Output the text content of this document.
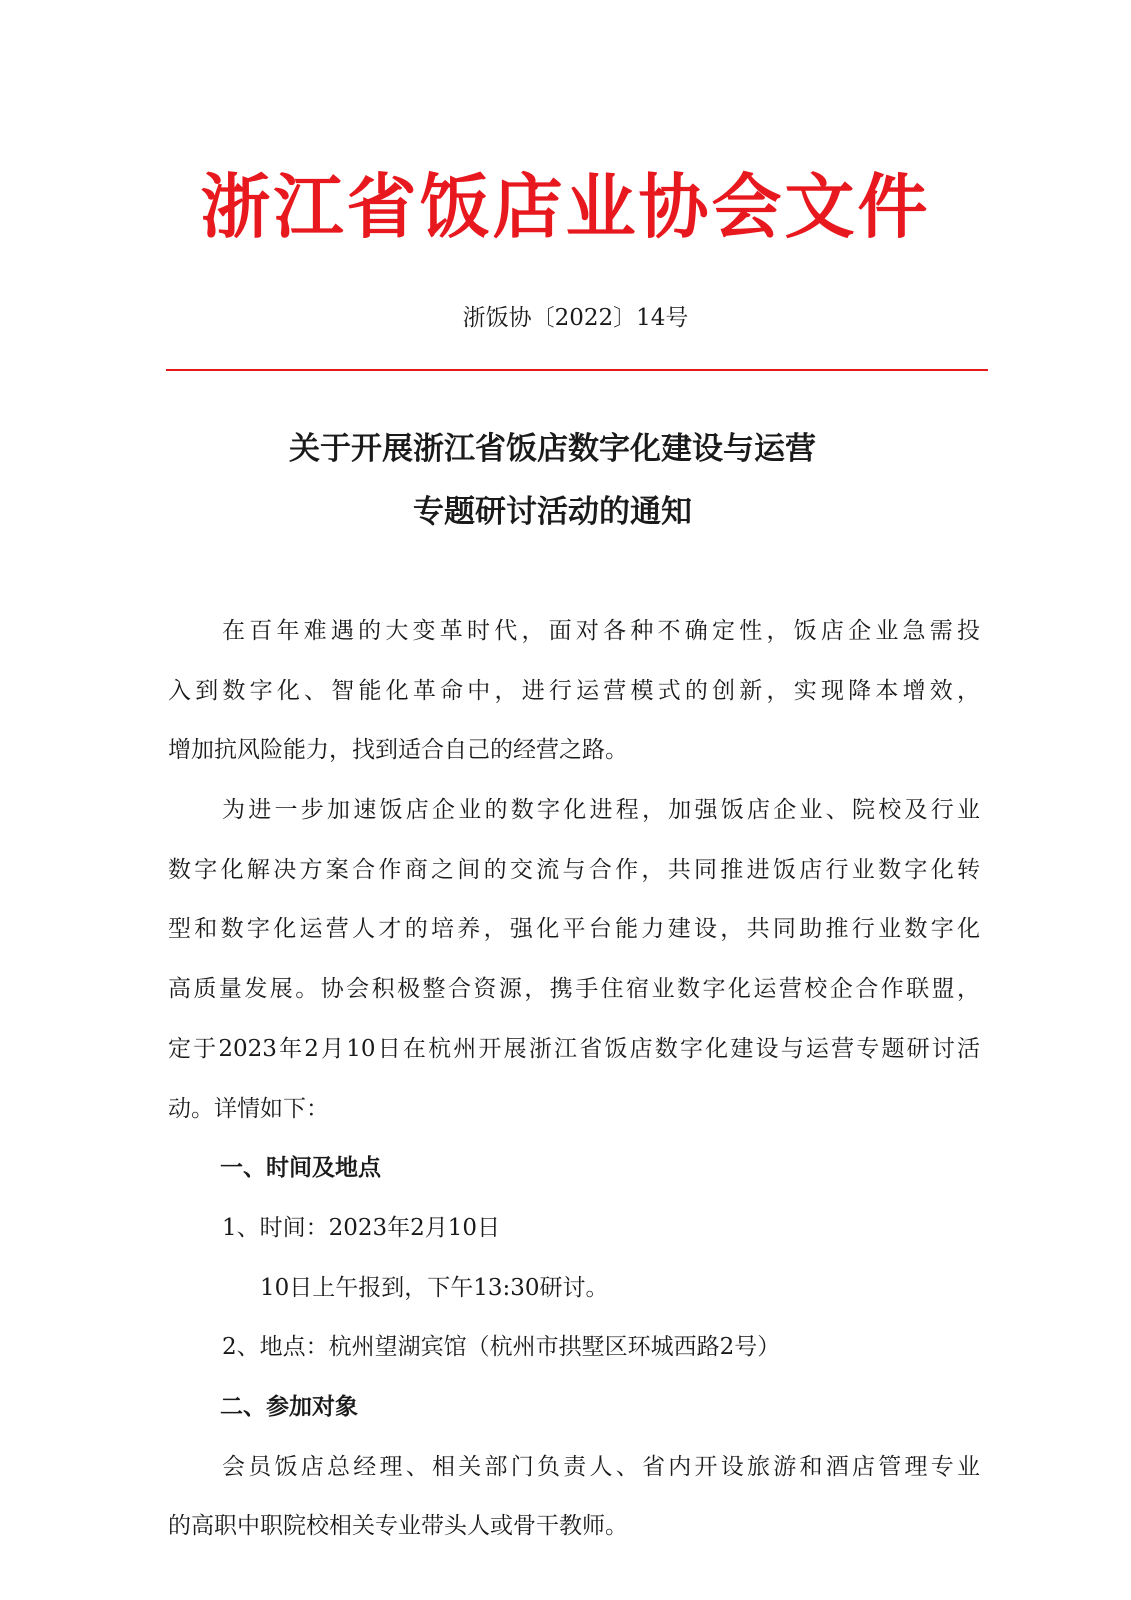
浙江省饭店业协会文件
浙饭协〔2022〕14号
关于开展浙江省饭店数字化建设与运营
专题研讨活动的通知
在百年难遇的大变革时代，面对各种不确定性，饭店企业急需投
入到数字化、智能化革命中，进行运营模式的创新，实现降本增效，
增加抗风险能力，找到适合自己的经营之路。
为进一步加速饭店企业的数字化进程，加强饭店企业、院校及行业
数字化解决方案合作商之间的交流与合作，共同推进饭店行业数字化转
型和数字化运营人才的培养，强化平台能力建设，共同助推行业数字化
高质量发展。协会积极整合资源，携手住宿业数字化运营校企合作联盟，
定于2023年2月10日在杭州开展浙江省饭店数字化建设与运营专题研讨活
动。详情如下：
一、时间及地点
1、时间：2023年2月10日
10日上午报到，下午13:30研讨。
2、地点：杭州望湖宾馆（杭州市拱墅区环城西路2号）
二、参加对象
会员饭店总经理、相关部门负责人、省内开设旅游和酒店管理专业
的高职中职院校相关专业带头人或骨干教师。
